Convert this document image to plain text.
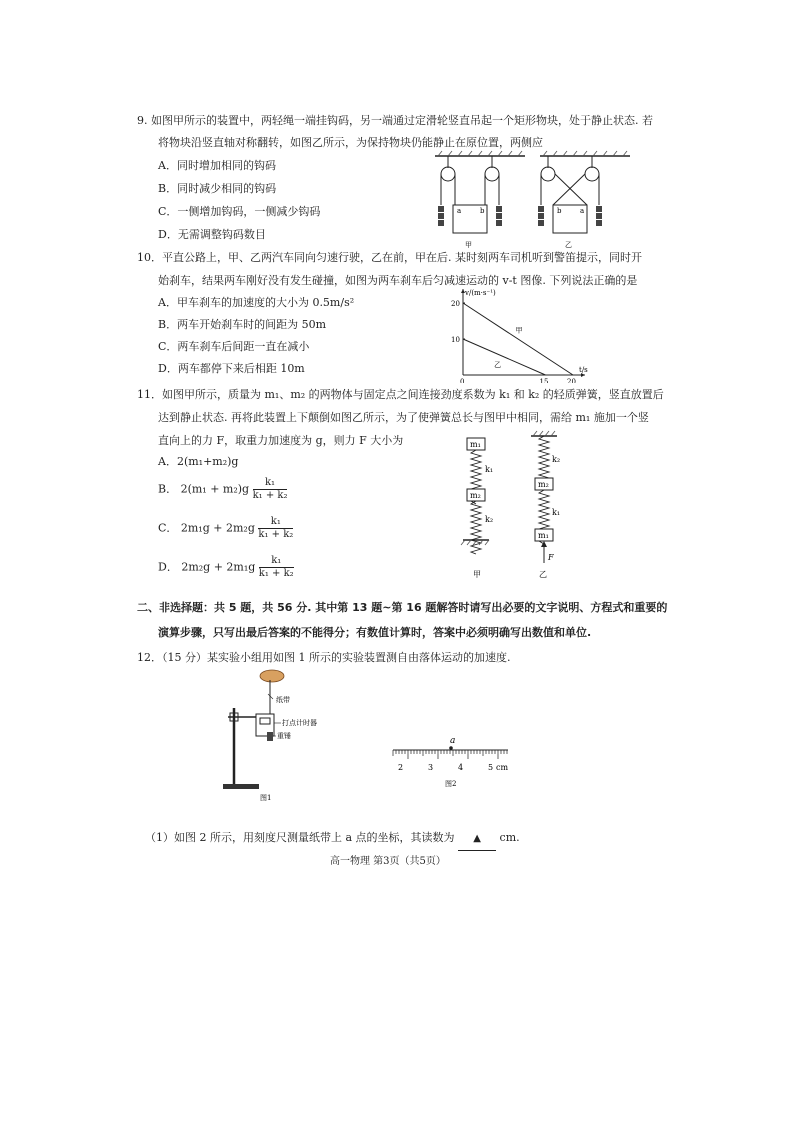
9. 如图甲所示的装置中，两轻绳一端挂钩码，另一端通过定滑轮竖直吊起一个矩形物块，处于静止状态. 若
将物块沿竖直轴对称翻转，如图乙所示，为保持物块仍能静止在原位置，两侧应
A．同时增加相同的钩码
B．同时减少相同的钩码
C．一侧增加钩码，一侧减少钩码
D．无需调整钩码数目
a	b
甲
b	a
乙
10．平直公路上，甲、乙两汽车同向匀速行驶，乙在前，甲在后. 某时刻两车司机听到警笛提示，同时开
始刹车，结果两车刚好没有发生碰撞，如图为两车刹车后匀减速运动的 v-t 图像. 下列说法正确的是
A．甲车刹车的加速度的大小为 0.5m/s²
B．两车开始刹车时的间距为 50m
C．两车刹车后间距一直在减小
D．两车都停下来后相距 10m
v/(m·s⁻¹)
t/s
0	15	20
10
20
甲
乙
11．如图甲所示，质量为 m₁、m₂ 的两物体与固定点之间连接劲度系数为 k₁ 和 k₂ 的轻质弹簧，竖直放置后
达到静止状态. 再将此装置上下颠倒如图乙所示，为了使弹簧总长与图甲中相同，需给 m₁ 施加一个竖
直向上的力 F，取重力加速度为 g，则力 F 大小为
A．2(m₁+m₂)g
B． $2(m_1 + m_2)g \frac{\text{k₁}}{\text{k₁ + k₂}}$
C． $2m_1g + 2m_2g \frac{\text{k₁}}{\text{k₁ + k₂}}$
D． $2m_2g + 2m_1g \frac{\text{k₁}}{\text{k₁ + k₂}}$
m₁
k₁
m₂
k₂
甲
k₂
m₂
k₁
m₁
F
乙
二、非选择题：共 5 题，共 56 分. 其中第 13 题~第 16 题解答时请写出必要的文字说明、方程式和重要的
演算步骤，只写出最后答案的不能得分；有数值计算时，答案中必须明确写出数值和单位.
12．（15 分）某实验小组用如图 1 所示的实验装置测自由落体运动的加速度.
纸带
打点计时器
重锤
图1
a
2	3	4	5 cm
图2
（1）如图 2 所示，用刻度尺测量纸带上 a 点的坐标，其读数为 ▲ cm.
高一物理 第3页（共5页）
